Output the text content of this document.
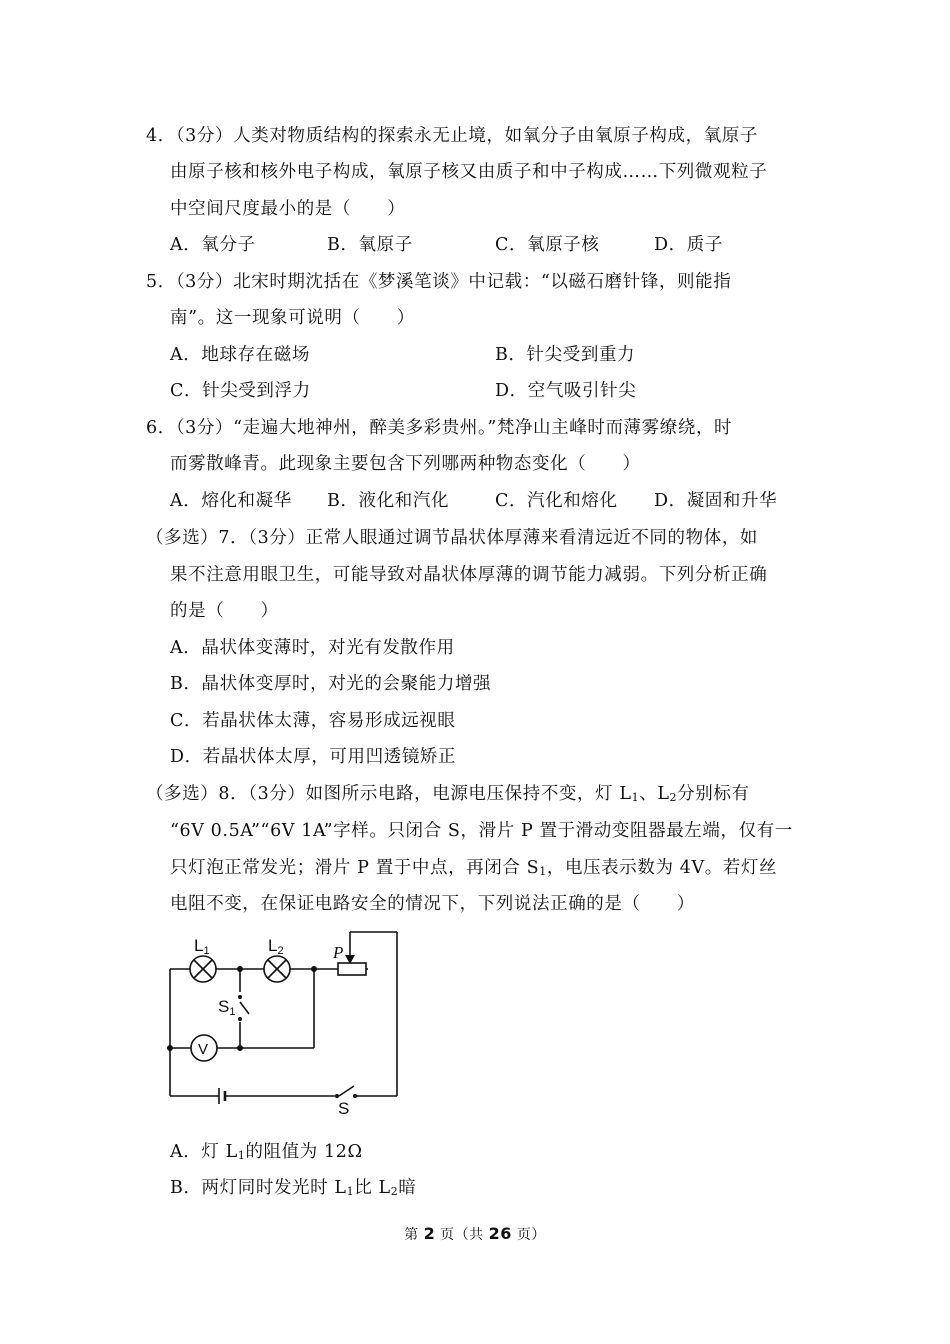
4．（3分）人类对物质结构的探索永无止境，如氧分子由氧原子构成，氧原子
由原子核和核外电子构成，氧原子核又由质子和中子构成……下列微观粒子
中空间尺度最小的是（　　）
A．氧分子	B．氧原子	C．氧原子核	D．质子
5．（3分）北宋时期沈括在《梦溪笔谈》中记载：“以磁石磨针锋，则能指
南”。这一现象可说明（　　）
A．地球存在磁场	B．针尖受到重力
C．针尖受到浮力	D．空气吸引针尖
6．（3分）“走遍大地神州，醉美多彩贵州。”梵净山主峰时而薄雾缭绕，时
而雾散峰青。此现象主要包含下列哪两种物态变化（　　）
A．熔化和凝华 B．液化和汽化	C．汽化和熔化 D．凝固和升华
（多选）7．（3分）正常人眼通过调节晶状体厚薄来看清远近不同的物体，如
果不注意用眼卫生，可能导致对晶状体厚薄的调节能力减弱。下列分析正确
的是（　　）
A．晶状体变薄时，对光有发散作用
B．晶状体变厚时，对光的会聚能力增强
C．若晶状体太薄，容易形成远视眼
D．若晶状体太厚，可用凹透镜矫正
（多选）8．（3分）如图所示电路，电源电压保持不变，灯 $L_1$、$L_2$分别标有
“6V 0.5A”“6V 1A”字样。只闭合 S，滑片 P 置于滑动变阻器最左端，仅有一
只灯泡正常发光；滑片 P 置于中点，再闭合 $S_1$，电压表示数为 4V。若灯丝
电阻不变，在保证电路安全的情况下，下列说法正确的是（　　）
L1	L2	P
S1
V
S
A．灯 $L_1$的阻值为 12Ω
B．两灯同时发光时 $L_1$比 $L_2$暗
第 2 页（共 26 页）
